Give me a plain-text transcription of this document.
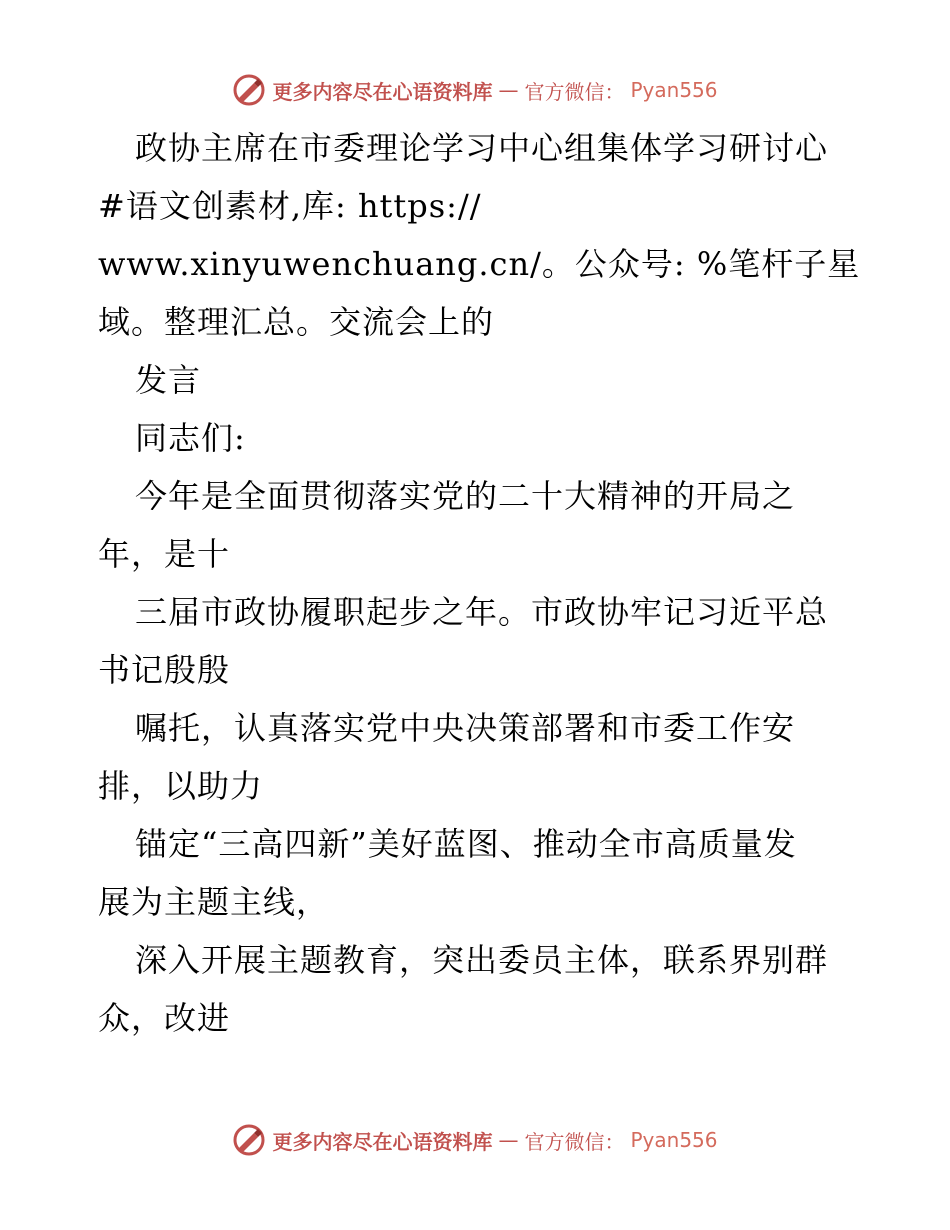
更多内容尽在心语资料库 — 官方微信： Pyan556
政协主席在市委理论学习中心组集体学习研讨心
#语文创素材,库: https://
www.xinyuwenchuang.cn/。公众号: %笔杆子星
域。整理汇总。交流会上的
发言
同志们:
今年是全面贯彻落实党的二十大精神的开局之
年，是十
三届市政协履职起步之年。市政协牢记习近平总
书记殷殷
嘱托，认真落实党中央决策部署和市委工作安
排，以助力
锚定“三高四新”美好蓝图、推动全市高质量发
展为主题主线，
深入开展主题教育，突出委员主体，联系界别群
众，改进
更多内容尽在心语资料库 — 官方微信： Pyan556
